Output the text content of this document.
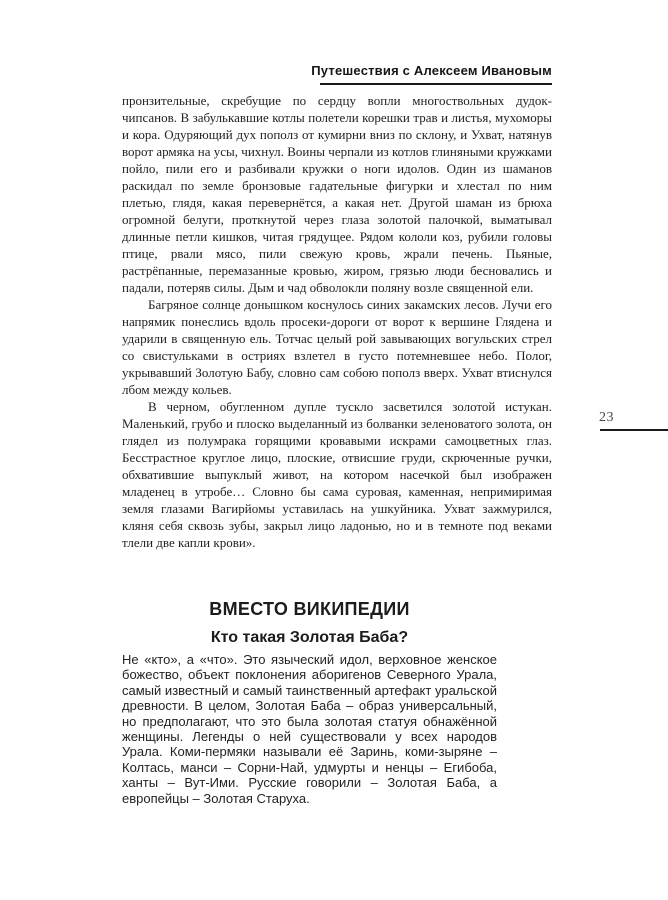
Путешествия с Алексеем Ивановым

пронзительные, скребущие по сердцу вопли многоствольных дудок-чипсанов. В забулькавшие котлы полетели корешки трав и листья, мухоморы и кора. Одуряющий дух пополз от кумирни вниз по склону, и Ухват, натянув ворот армяка на усы, чихнул. Воины черпали из котлов глиняными кружками пойло, пили его и разбивали кружки о ноги идолов. Один из шаманов раскидал по земле бронзовые гадательные фигурки и хлестал по ним плетью, глядя, какая перевернётся, а какая нет. Другой шаман из брюха огромной белуги, проткнутой через глаза золотой палочкой, выматывал длинные петли кишков, читая грядущее. Рядом кололи коз, рубили головы птице, рвали мясо, пили свежую кровь, жрали печень. Пьяные, растрёпанные, перемазанные кровью, жиром, грязью люди бесновались и падали, потеряв силы. Дым и чад обволокли поляну возле священной ели.

Багряное солнце донышком коснулось синих закамских лесов. Лучи его напрямик понеслись вдоль просеки-дороги от ворот к вершине Глядена и ударили в священную ель. Тотчас целый рой завывающих вогульских стрел со свистульками в остриях взлетел в густо потемневшее небо. Полог, укрывавший Золотую Бабу, словно сам собою пополз вверх. Ухват втиснулся лбом между кольев.

В черном, обугленном дупле тускло засветился золотой истукан. Маленький, грубо и плоско выделанный из болванки зеленоватого золота, он глядел из полумрака горящими кровавыми искрами самоцветных глаз. Бесстрастное круглое лицо, плоские, отвисшие груди, скрюченные ручки, обхватившие выпуклый живот, на котором насечкой был изображен младенец в утробе… Словно бы сама суровая, каменная, непримиримая земля глазами Вагирйомы уставилась на ушкуйника. Ухват зажмурился, кляня себя сквозь зубы, закрыл лицо ладонью, но и в темноте под веками тлели две капли крови».

23
ВМЕСТО ВИКИПЕДИИ
Кто такая Золотая Баба?

Не «кто», а «что». Это языческий идол, верховное женское божество, объект поклонения аборигенов Северного Урала, самый известный и самый таинственный артефакт уральской древности. В целом, Золотая Баба – образ универсальный, но предполагают, что это была золотая статуя обнажённой женщины. Легенды о ней существовали у всех народов Урала. Коми-пермяки называли её Заринь, коми-зыряне – Колтась, манси – Сорни-Най, удмурты и ненцы – Егибоба, ханты – Вут-Ими. Русские говорили – Золотая Баба, а европейцы – Золотая Старуха.
